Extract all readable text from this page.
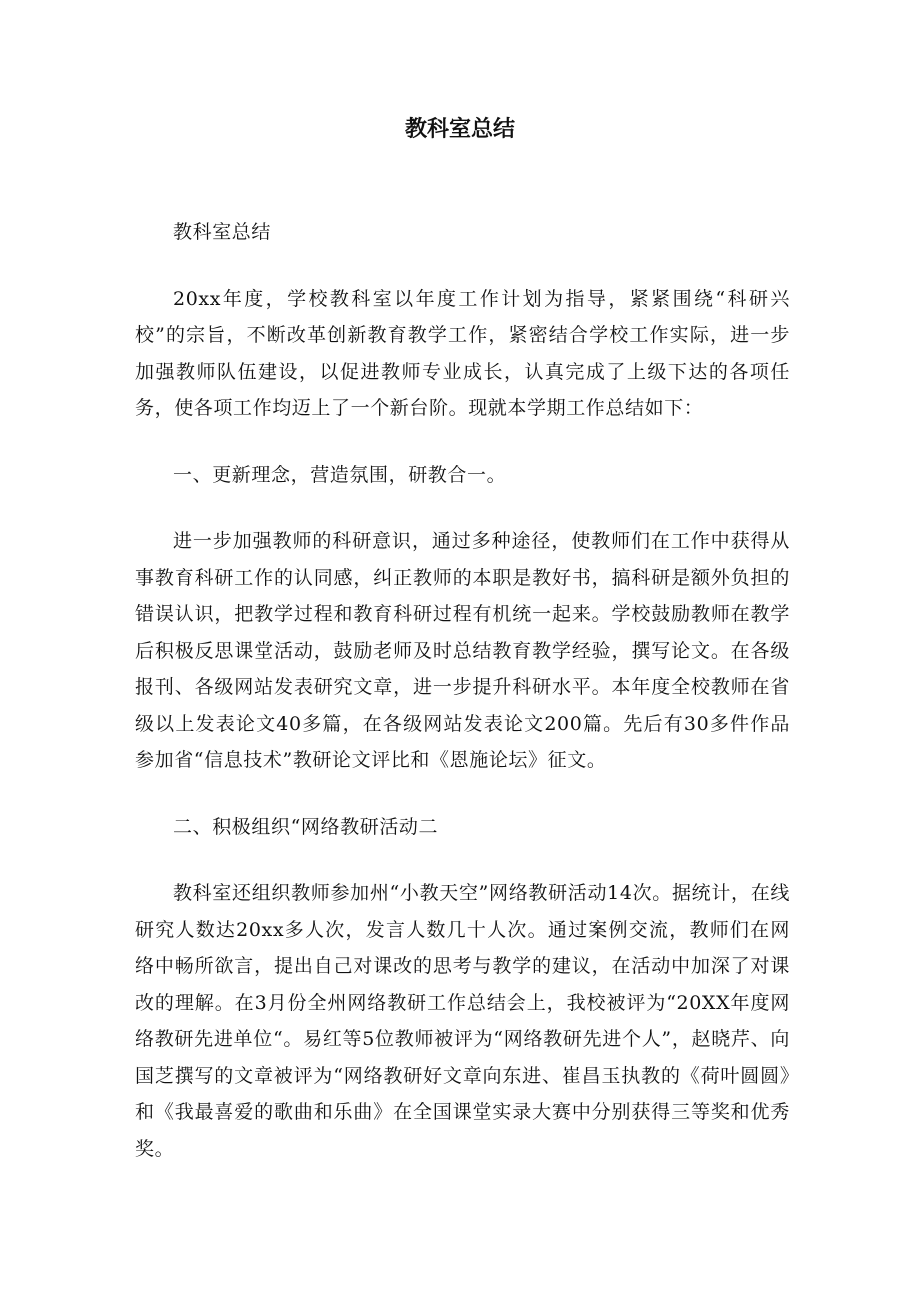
教科室总结

教科室总结

20xx年度，学校教科室以年度工作计划为指导，紧紧围绕“科研兴校”的宗旨，不断改革创新教育教学工作，紧密结合学校工作实际，进一步加强教师队伍建设，以促进教师专业成长，认真完成了上级下达的各项任务，使各项工作均迈上了一个新台阶。现就本学期工作总结如下：

一、更新理念，营造氛围，研教合一。

进一步加强教师的科研意识，通过多种途径，使教师们在工作中获得从事教育科研工作的认同感，纠正教师的本职是教好书，搞科研是额外负担的错误认识，把教学过程和教育科研过程有机统一起来。学校鼓励教师在教学后积极反思课堂活动，鼓励老师及时总结教育教学经验，撰写论文。在各级报刊、各级网站发表研究文章，进一步提升科研水平。本年度全校教师在省级以上发表论文40多篇，在各级网站发表论文200篇。先后有30多件作品参加省“信息技术”教研论文评比和《恩施论坛》征文。

二、积极组织“网络教研活动二

教科室还组织教师参加州“小教天空”网络教研活动14次。据统计，在线研究人数达20xx多人次，发言人数几十人次。通过案例交流，教师们在网络中畅所欲言，提出自己对课改的思考与教学的建议，在活动中加深了对课改的理解。在3月份全州网络教研工作总结会上，我校被评为“20XX年度网络教研先进单位“。易红等5位教师被评为“网络教研先进个人”，赵晓芹、向国芝撰写的文章被评为“网络教研好文章向东进、崔昌玉执教的《荷叶圆圆》和《我最喜爱的歌曲和乐曲》在全国课堂实录大赛中分别获得三等奖和优秀奖。
